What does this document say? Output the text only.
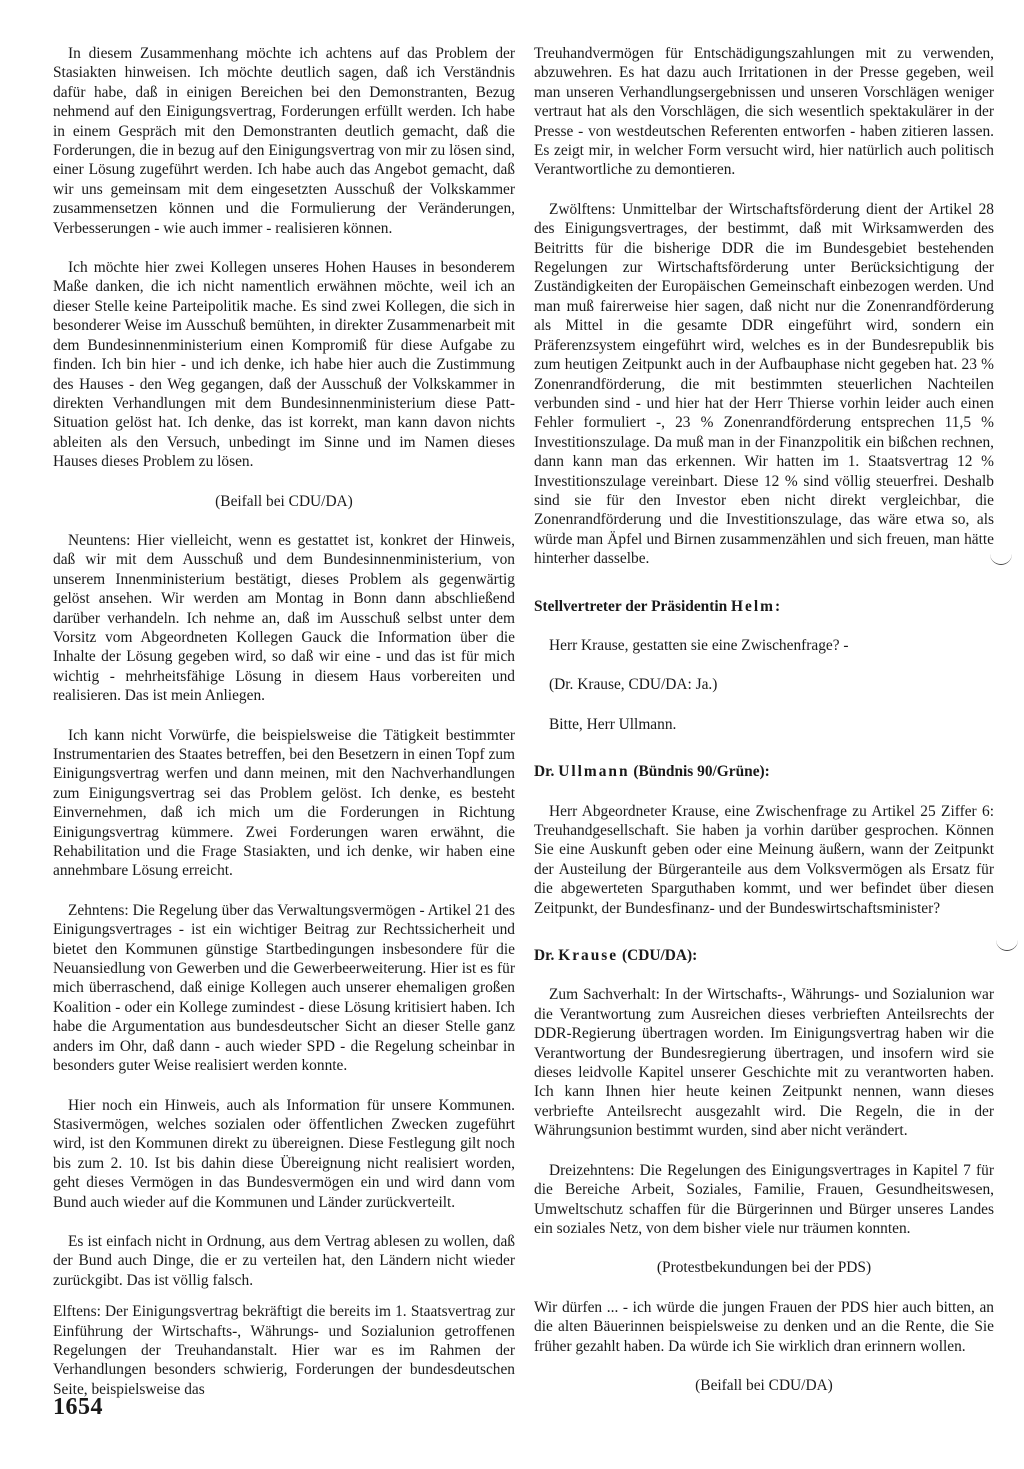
In diesem Zusammenhang möchte ich achtens auf das Problem der Stasiakten hinweisen. Ich möchte deutlich sagen, daß ich Verständnis dafür habe, daß in einigen Bereichen bei den Demonstranten, Bezug nehmend auf den Einigungsvertrag, Forderungen erfüllt werden. Ich habe in einem Gespräch mit den Demonstranten deutlich gemacht, daß die Forderungen, die in bezug auf den Einigungsvertrag von mir zu lösen sind, einer Lösung zugeführt werden. Ich habe auch das Angebot gemacht, daß wir uns gemeinsam mit dem eingesetzten Ausschuß der Volkskammer zusammensetzen können und die Formulierung der Veränderungen, Verbesserungen - wie auch immer - realisieren können.

Ich möchte hier zwei Kollegen unseres Hohen Hauses in besonderem Maße danken, die ich nicht namentlich erwähnen möchte, weil ich an dieser Stelle keine Parteipolitik mache. Es sind zwei Kollegen, die sich in besonderer Weise im Ausschuß bemühten, in direkter Zusammenarbeit mit dem Bundesinnenministerium einen Kompromiß für diese Aufgabe zu finden. Ich bin hier - und ich denke, ich habe hier auch die Zustimmung des Hauses - den Weg gegangen, daß der Ausschuß der Volkskammer in direkten Verhandlungen mit dem Bundesinnenministerium diese Patt-Situation gelöst hat. Ich denke, das ist korrekt, man kann davon nichts ableiten als den Versuch, unbedingt im Sinne und im Namen dieses Hauses dieses Problem zu lösen.

(Beifall bei CDU/DA)

Neuntens: Hier vielleicht, wenn es gestattet ist, konkret der Hinweis, daß wir mit dem Ausschuß und dem Bundesinnenministerium, von unserem Innenministerium bestätigt, dieses Problem als gegenwärtig gelöst ansehen. Wir werden am Montag in Bonn dann abschließend darüber verhandeln. Ich nehme an, daß im Ausschuß selbst unter dem Vorsitz vom Abgeordneten Kollegen Gauck die Information über die Inhalte der Lösung gegeben wird, so daß wir eine - und das ist für mich wichtig - mehrheitsfähige Lösung in diesem Haus vorbereiten und realisieren. Das ist mein Anliegen.

Ich kann nicht Vorwürfe, die beispielsweise die Tätigkeit bestimmter Instrumentarien des Staates betreffen, bei den Besetzern in einen Topf zum Einigungsvertrag werfen und dann meinen, mit den Nachverhandlungen zum Einigungsvertrag sei das Problem gelöst. Ich denke, es besteht Einvernehmen, daß ich mich um die Forderungen in Richtung Einigungsvertrag kümmere. Zwei Forderungen waren erwähnt, die Rehabilitation und die Frage Stasiakten, und ich denke, wir haben eine annehmbare Lösung erreicht.

Zehntens: Die Regelung über das Verwaltungsvermögen - Artikel 21 des Einigungsvertrages - ist ein wichtiger Beitrag zur Rechtssicherheit und bietet den Kommunen günstige Startbedingungen insbesondere für die Neuansiedlung von Gewerben und die Gewerbeerweiterung. Hier ist es für mich überraschend, daß einige Kollegen auch unserer ehemaligen großen Koalition - oder ein Kollege zumindest - diese Lösung kritisiert haben. Ich habe die Argumentation aus bundesdeutscher Sicht an dieser Stelle ganz anders im Ohr, daß dann - auch wieder SPD - die Regelung scheinbar in besonders guter Weise realisiert werden konnte.

Hier noch ein Hinweis, auch als Information für unsere Kommunen. Stasivermögen, welches sozialen oder öffentlichen Zwecken zugeführt wird, ist den Kommunen direkt zu übereignen. Diese Festlegung gilt noch bis zum 2. 10. Ist bis dahin diese Übereignung nicht realisiert worden, geht dieses Vermögen in das Bundesvermögen ein und wird dann vom Bund auch wieder auf die Kommunen und Länder zurückverteilt.

Es ist einfach nicht in Ordnung, aus dem Vertrag ablesen zu wollen, daß der Bund auch Dinge, die er zu verteilen hat, den Ländern nicht wieder zurückgibt. Das ist völlig falsch.

Elftens: Der Einigungsvertrag bekräftigt die bereits im 1. Staatsvertrag zur Einführung der Wirtschafts-, Währungs- und Sozialunion getroffenen Regelungen der Treuhandanstalt. Hier war es im Rahmen der Verhandlungen besonders schwierig, Forderungen der bundesdeutschen Seite, beispielsweise das

Treuhandvermögen für Entschädigungszahlungen mit zu verwenden, abzuwehren. Es hat dazu auch Irritationen in der Presse gegeben, weil man unseren Verhandlungsergebnissen und unseren Vorschlägen weniger vertraut hat als den Vorschlägen, die sich wesentlich spektakulärer in der Presse - von westdeutschen Referenten entworfen - haben zitieren lassen. Es zeigt mir, in welcher Form versucht wird, hier natürlich auch politisch Verantwortliche zu demontieren.

Zwölftens: Unmittelbar der Wirtschaftsförderung dient der Artikel 28 des Einigungsvertrages, der bestimmt, daß mit Wirksamwerden des Beitritts für die bisherige DDR die im Bundesgebiet bestehenden Regelungen zur Wirtschaftsförderung unter Berücksichtigung der Zuständigkeiten der Europäischen Gemeinschaft einbezogen werden. Und man muß fairerweise hier sagen, daß nicht nur die Zonenrandförderung als Mittel in die gesamte DDR eingeführt wird, sondern ein Präferenzsystem eingeführt wird, welches es in der Bundesrepublik bis zum heutigen Zeitpunkt auch in der Aufbauphase nicht gegeben hat. 23 % Zonenrandförderung, die mit bestimmten steuerlichen Nachteilen verbunden sind - und hier hat der Herr Thierse vorhin leider auch einen Fehler formuliert -, 23 % Zonenrandförderung entsprechen 11,5 % Investitionszulage. Da muß man in der Finanzpolitik ein bißchen rechnen, dann kann man das erkennen. Wir hatten im 1. Staatsvertrag 12 % Investitionszulage vereinbart. Diese 12 % sind völlig steuerfrei. Deshalb sind sie für den Investor eben nicht direkt vergleichbar, die Zonenrandförderung und die Investitionszulage, das wäre etwa so, als würde man Äpfel und Birnen zusammenzählen und sich freuen, man hätte hinterher dasselbe.

Stellvertreter der Präsidentin Helm:

Herr Krause, gestatten sie eine Zwischenfrage? -

(Dr. Krause, CDU/DA: Ja.)

Bitte, Herr Ullmann.

Dr. Ullmann (Bündnis 90/Grüne):

Herr Abgeordneter Krause, eine Zwischenfrage zu Artikel 25 Ziffer 6: Treuhandgesellschaft. Sie haben ja vorhin darüber gesprochen. Können Sie eine Auskunft geben oder eine Meinung äußern, wann der Zeitpunkt der Austeilung der Bürgeranteile aus dem Volksvermögen als Ersatz für die abgewerteten Sparguthaben kommt, und wer befindet über diesen Zeitpunkt, der Bundesfinanz- und der Bundeswirtschaftsminister?

Dr. Krause (CDU/DA):

Zum Sachverhalt: In der Wirtschafts-, Währungs- und Sozialunion war die Verantwortung zum Ausreichen dieses verbrieften Anteilsrechts der DDR-Regierung übertragen worden. Im Einigungsvertrag haben wir die Verantwortung der Bundesregierung übertragen, und insofern wird sie dieses leidvolle Kapitel unserer Geschichte mit zu verantworten haben. Ich kann Ihnen hier heute keinen Zeitpunkt nennen, wann dieses verbriefte Anteilsrecht ausgezahlt wird. Die Regeln, die in der Währungsunion bestimmt wurden, sind aber nicht verändert.

Dreizehntens: Die Regelungen des Einigungsvertrages in Kapitel 7 für die Bereiche Arbeit, Soziales, Familie, Frauen, Gesundheitswesen, Umweltschutz schaffen für die Bürgerinnen und Bürger unseres Landes ein soziales Netz, von dem bisher viele nur träumen konnten.

(Protestbekundungen bei der PDS)

Wir dürfen ... - ich würde die jungen Frauen der PDS hier auch bitten, an die alten Bäuerinnen beispielsweise zu denken und an die Rente, die Sie früher gezahlt haben. Da würde ich Sie wirklich dran erinnern wollen.

(Beifall bei CDU/DA)

1654
